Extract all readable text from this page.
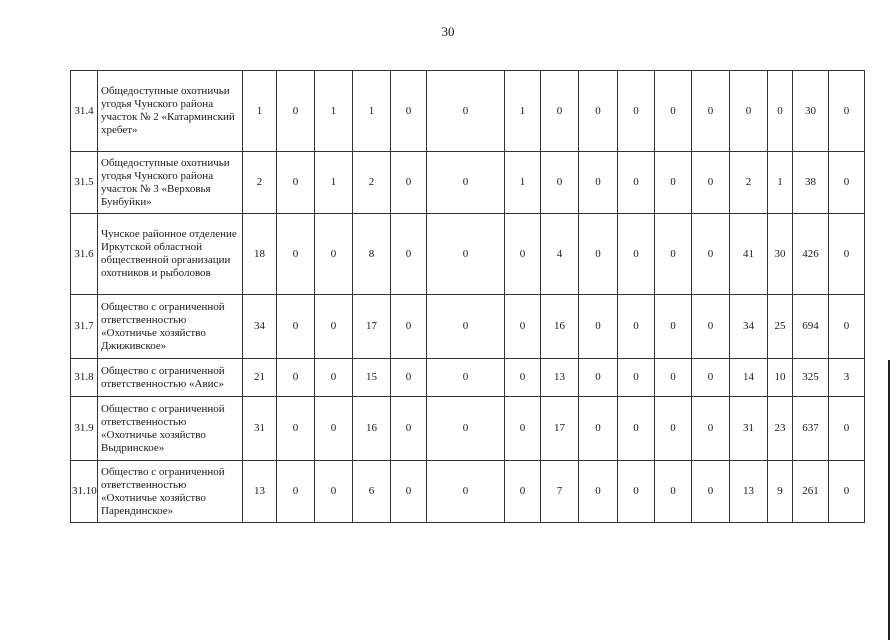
30
31.4	Общедоступные охотничьи угодья Чунского района участок № 2 «Катарминский хребет»	1	0	1	1	0	0	1	0	0	0	0	0	0	0	30	0
31.5	Общедоступные охотничьи угодья Чунского района участок № 3 «Верховья Бунбуйки»	2	0	1	2	0	0	1	0	0	0	0	0	2	1	38	0
31.6	Чунское районное отделение Иркутской областной общественной организации охотников и рыболовов	18	0	0	8	0	0	0	4	0	0	0	0	41	30	426	0
31.7	Общество с ограниченной ответственностью «Охотничье хозяйство Джиживское»	34	0	0	17	0	0	0	16	0	0	0	0	34	25	694	0
31.8	Общество с ограниченной ответственностью «Авис»	21	0	0	15	0	0	0	13	0	0	0	0	14	10	325	3
31.9	Общество с ограниченной ответственностью «Охотничье хозяйство Выдринское»	31	0	0	16	0	0	0	17	0	0	0	0	31	23	637	0
31.10	Общество с ограниченной ответственностью «Охотничье хозяйство Парендинское»	13	0	0	6	0	0	0	7	0	0	0	0	13	9	261	0
